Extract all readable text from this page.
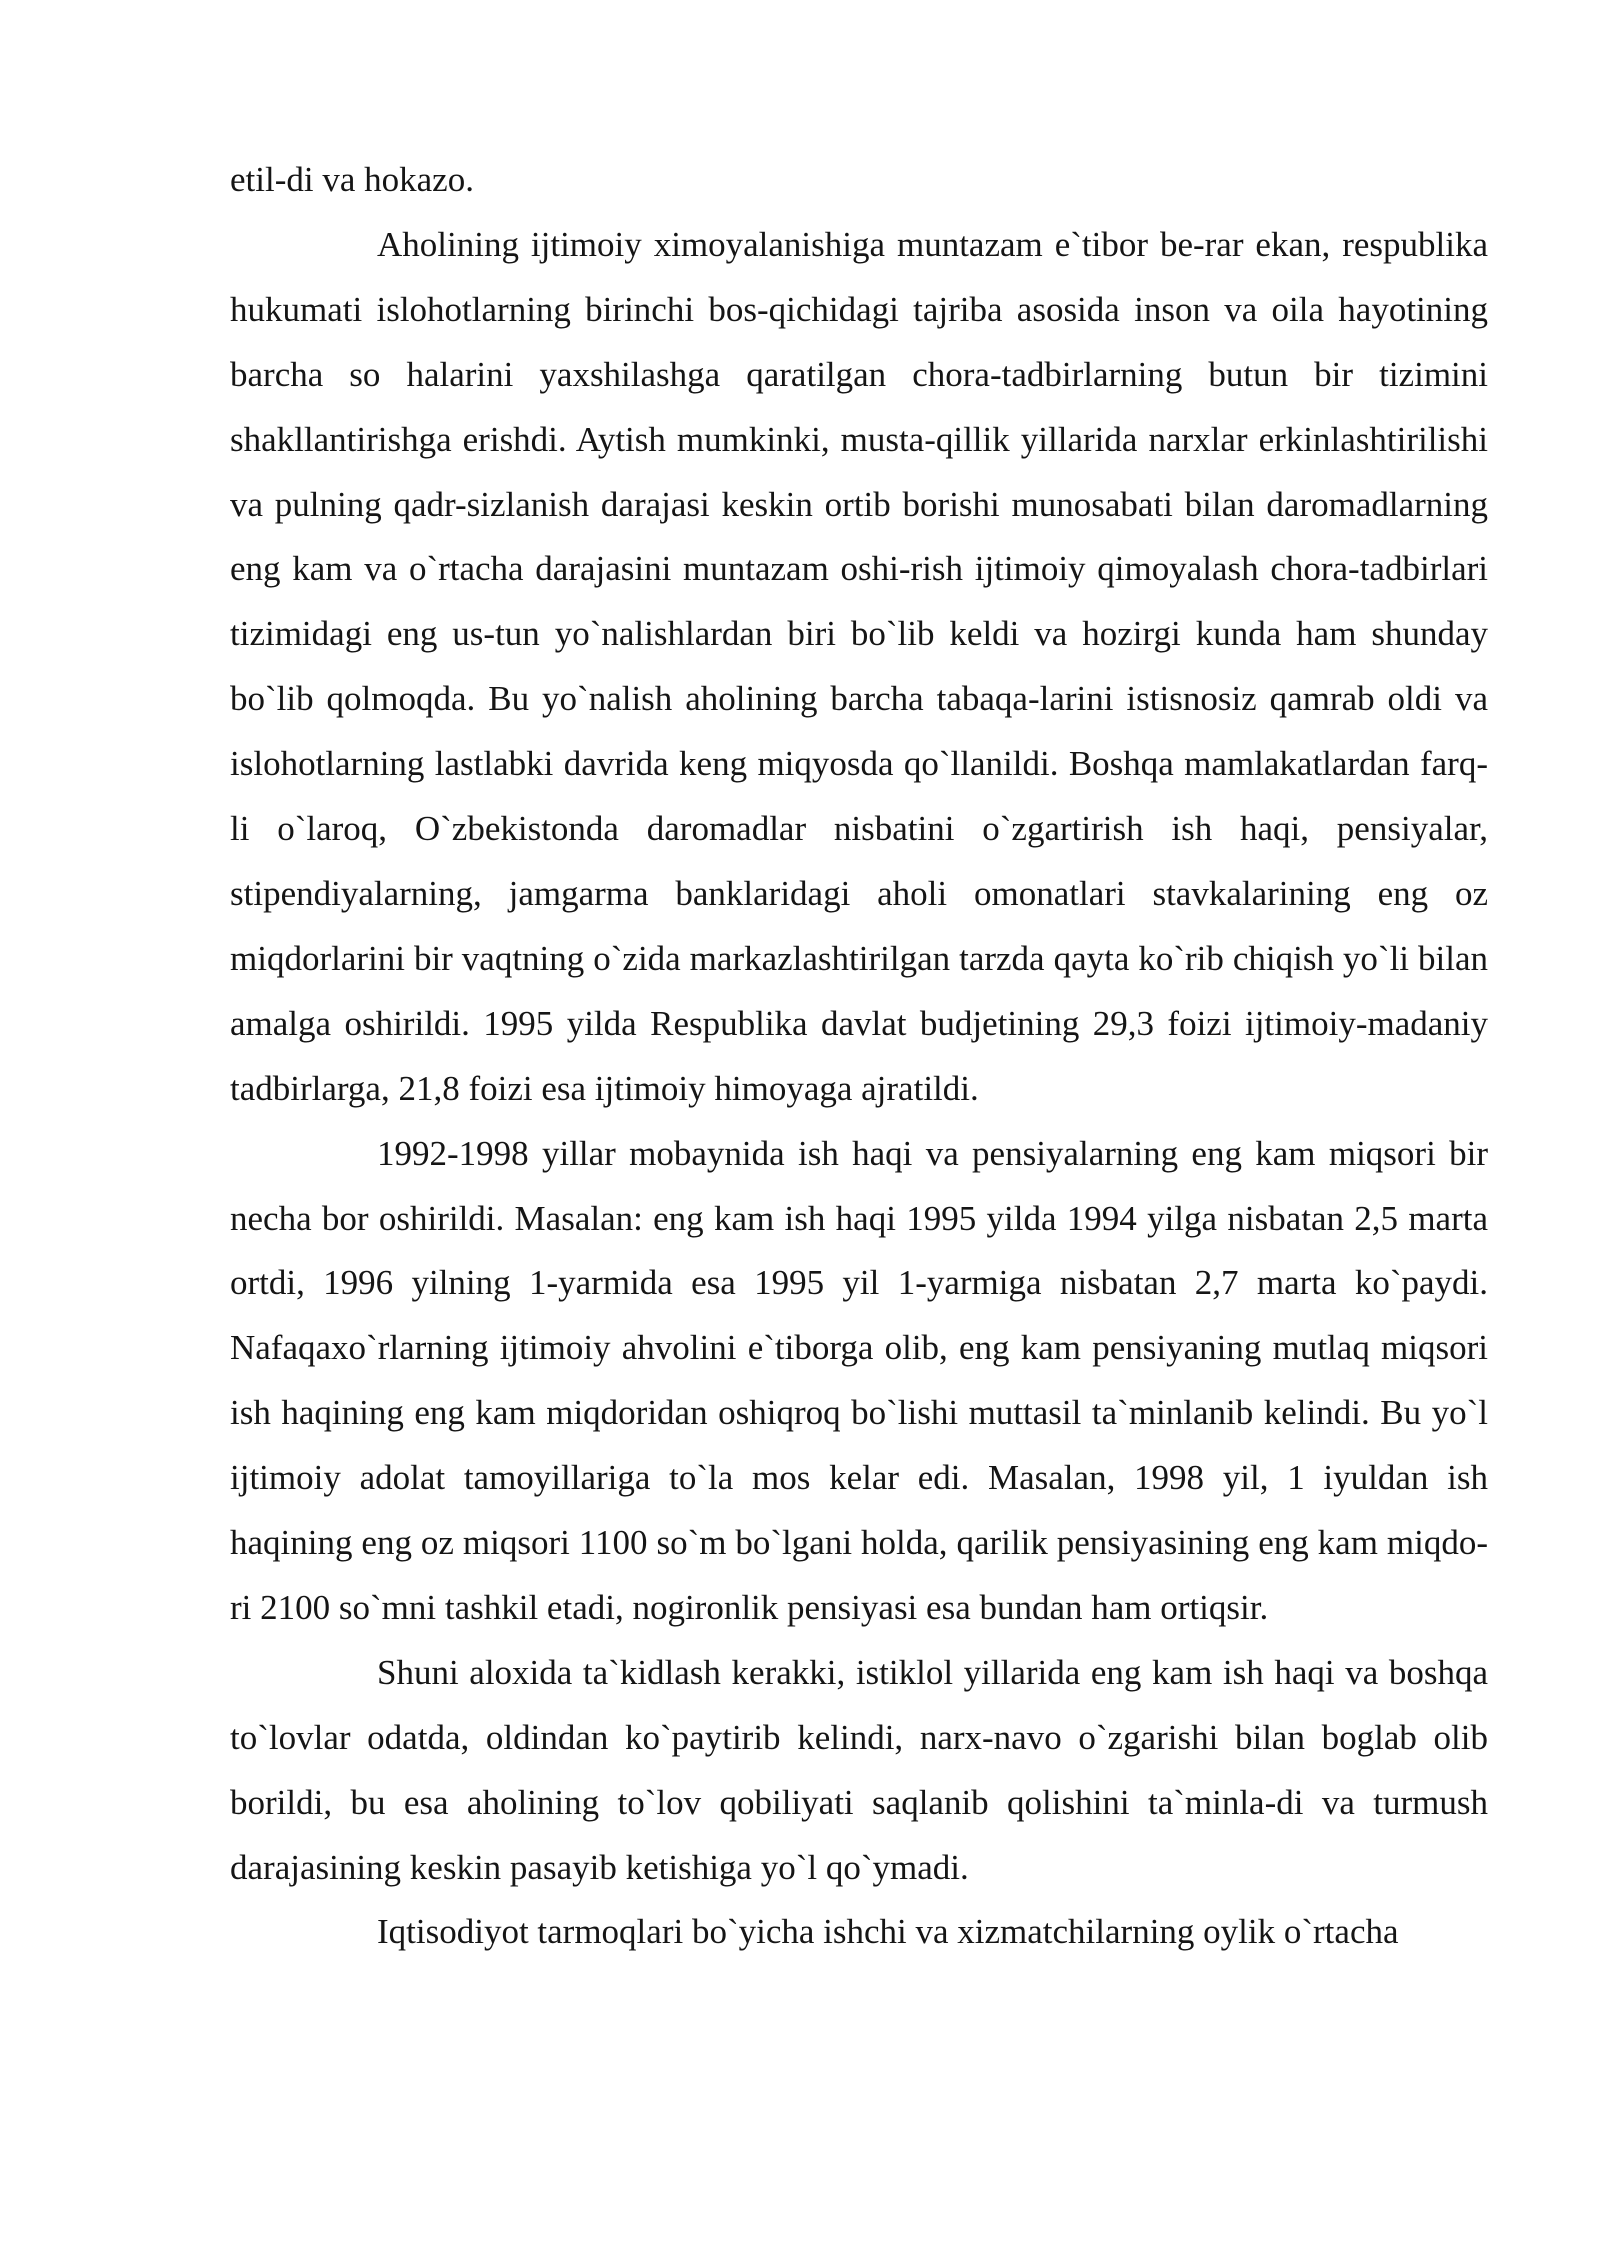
etil-di va hokazo.

Aholining ijtimoiy ximoyalanishiga muntazam e`tibor be-rar ekan, respublika hukumati islohotlarning birinchi bos-qichidagi tajriba asosida inson va oila hayotining barcha so halarini yaxshilashga qaratilgan chora-tadbirlarning butun bir tizimini shakllantirishga erishdi. Aytish mumkinki, musta-qillik yillarida narxlar erkinlashtirilishi va pulning qadr-sizlanish darajasi keskin ortib borishi munosabati bilan daromadlarning eng kam va o`rtacha darajasini muntazam oshi-rish ijtimoiy qimoyalash chora-tadbirlari tizimidagi eng us-tun yo`nalishlardan biri bo`lib keldi va hozirgi kunda ham shunday bo`lib qolmoqda. Bu yo`nalish aholining barcha tabaqa-larini istisnosiz qamrab oldi va islohotlarning lastlabki davrida keng miqyosda qo`llanildi. Boshqa mamlakatlardan farq-li o`laroq, O`zbekistonda daromadlar nisbatini o`zgartirish ish haqi, pensiyalar, stipendiyalarning, jamgarma banklaridagi aholi omonatlari stavkalarining eng oz miqdorlarini bir vaqtning o`zida markazlashtirilgan tarzda qayta ko`rib chiqish yo`li bilan amalga oshirildi. 1995 yilda Respublika davlat budjetining 29,3 foizi ijtimoiy-madaniy tadbirlarga, 21,8 foizi esa ijtimoiy himoyaga ajratildi.

1992-1998 yillar mobaynida ish haqi va pensiyalarning eng kam miqsori bir necha bor oshirildi. Masalan: eng kam ish haqi 1995 yilda 1994 yilga nisbatan 2,5 marta ortdi, 1996 yilning 1-yarmida esa 1995 yil 1-yarmiga nisbatan 2,7 marta ko`paydi. Nafaqaxo`rlarning ijtimoiy ahvolini e`tiborga olib, eng kam pensiyaning mutlaq miqsori ish haqining eng kam miqdoridan oshiqroq bo`lishi muttasil ta`minlanib kelindi. Bu yo`l ijtimoiy adolat tamoyillariga to`la mos kelar edi. Masalan, 1998 yil, 1 iyuldan ish haqining eng oz miqsori 1100 so`m bo`lgani holda, qarilik pensiyasining eng kam miqdo-ri 2100 so`mni tashkil etadi, nogironlik pensiyasi esa bundan ham ortiqsir.

Shuni aloxida ta`kidlash kerakki, istiklol yillarida eng kam ish haqi va boshqa to`lovlar odatda, oldindan ko`paytirib kelindi, narx-navo o`zgarishi bilan boglab olib borildi, bu esa aholining to`lov qobiliyati saqlanib qolishini ta`minla-di va turmush darajasining keskin pasayib ketishiga yo`l qo`ymadi.

Iqtisodiyot tarmoqlari bo`yicha ishchi va xizmatchilarning oylik o`rtacha
